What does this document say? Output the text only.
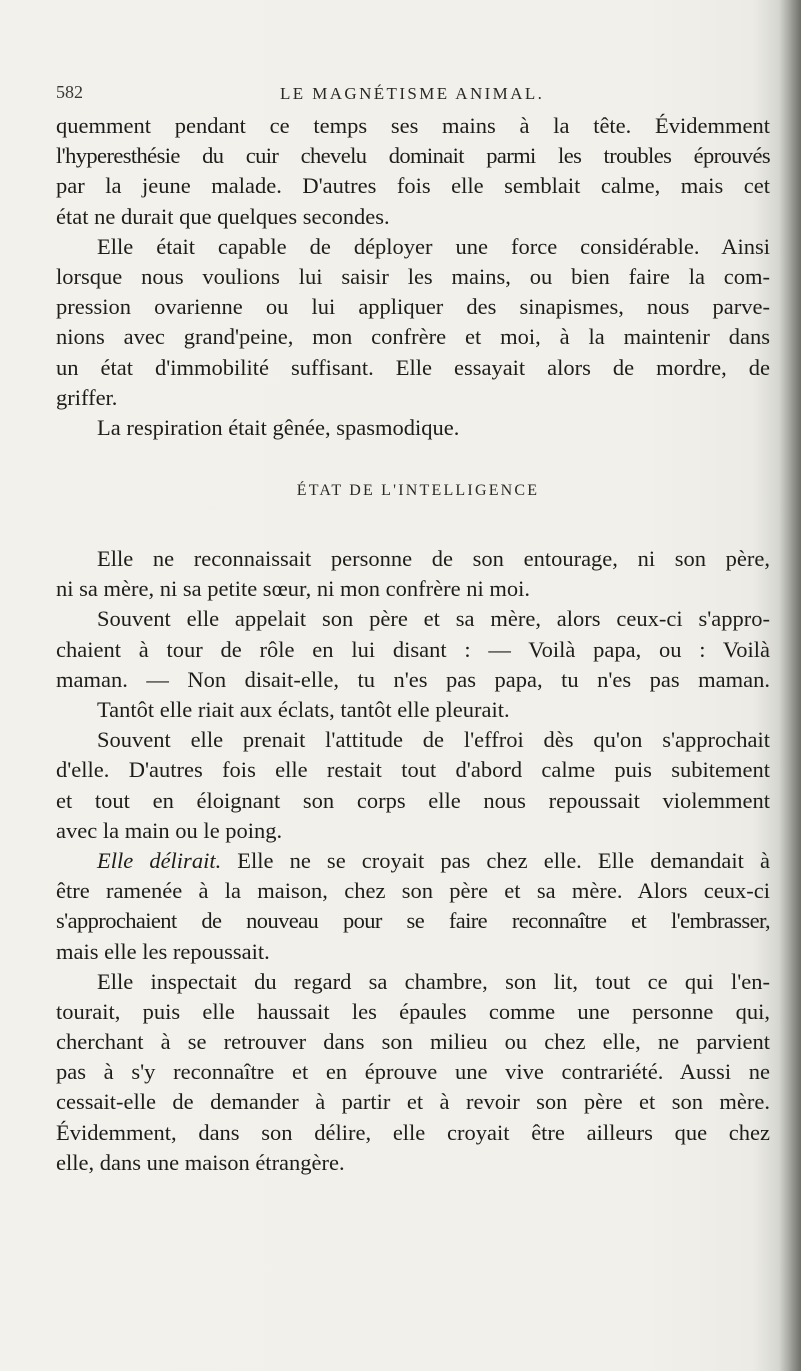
582	LE MAGNÉTISME ANIMAL.
quemment pendant ce temps ses mains à la tête. Évidemment
l'hyperesthésie du cuir chevelu dominait parmi les troubles éprouvés
par la jeune malade. D'autres fois elle semblait calme, mais cet
état ne durait que quelques secondes.
Elle était capable de déployer une force considérable. Ainsi
lorsque nous voulions lui saisir les mains, ou bien faire la com-
pression ovarienne ou lui appliquer des sinapismes, nous parve-
nions avec grand'peine, mon confrère et moi, à la maintenir dans
un état d'immobilité suffisant. Elle essayait alors de mordre, de
griffer.
La respiration était gênée, spasmodique.
ÉTAT DE L'INTELLIGENCE
Elle ne reconnaissait personne de son entourage, ni son père,
ni sa mère, ni sa petite sœur, ni mon confrère ni moi.
Souvent elle appelait son père et sa mère, alors ceux-ci s'appro-
chaient à tour de rôle en lui disant : — Voilà papa, ou : Voilà
maman. — Non disait-elle, tu n'es pas papa, tu n'es pas maman.
Tantôt elle riait aux éclats, tantôt elle pleurait.
Souvent elle prenait l'attitude de l'effroi dès qu'on s'approchait
d'elle. D'autres fois elle restait tout d'abord calme puis subitement
et tout en éloignant son corps elle nous repoussait violemment
avec la main ou le poing.
Elle délirait. Elle ne se croyait pas chez elle. Elle demandait à
être ramenée à la maison, chez son père et sa mère. Alors ceux-ci
s'approchaient de nouveau pour se faire reconnaître et l'embrasser,
mais elle les repoussait.
Elle inspectait du regard sa chambre, son lit, tout ce qui l'en-
tourait, puis elle haussait les épaules comme une personne qui,
cherchant à se retrouver dans son milieu ou chez elle, ne parvient
pas à s'y reconnaître et en éprouve une vive contrariété. Aussi ne
cessait-elle de demander à partir et à revoir son père et son mère.
Évidemment, dans son délire, elle croyait être ailleurs que chez
elle, dans une maison étrangère.
